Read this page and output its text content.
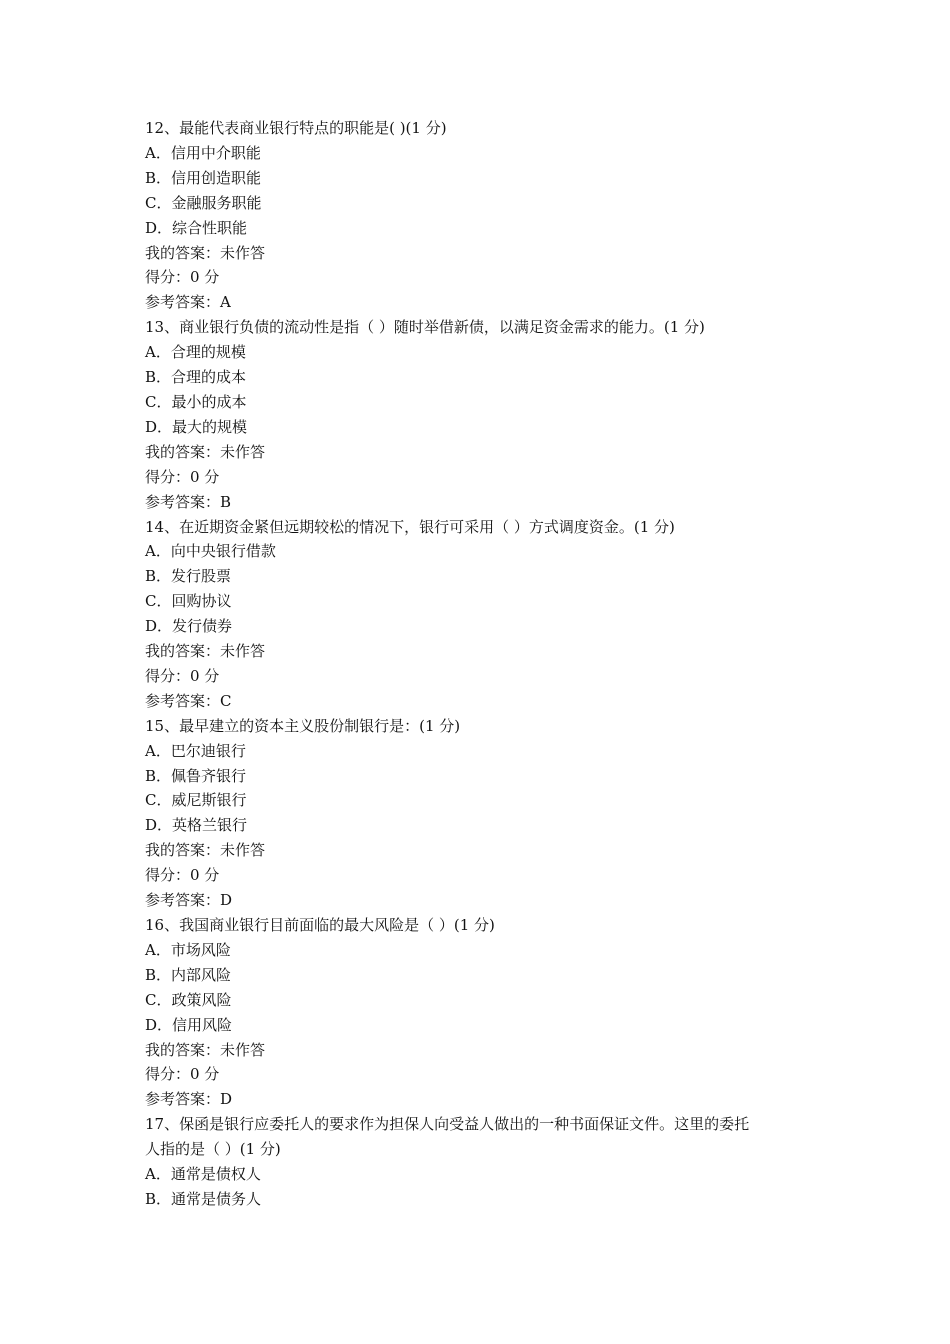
12、最能代表商业银行特点的职能是( )(1 分)

A．信用中介职能

B．信用创造职能

C．金融服务职能

D．综合性职能

我的答案：未作答

得分：0 分

参考答案：A

13、商业银行负债的流动性是指（ ）随时举借新债，以满足资金需求的能力。(1 分)

A．合理的规模

B．合理的成本

C．最小的成本

D．最大的规模

我的答案：未作答

得分：0 分

参考答案：B

14、在近期资金紧但远期较松的情况下，银行可采用（ ）方式调度资金。(1 分)

A．向中央银行借款

B．发行股票

C．回购协议

D．发行债券

我的答案：未作答

得分：0 分

参考答案：C

15、最早建立的资本主义股份制银行是：(1 分)

A．巴尔迪银行

B．佩鲁齐银行

C．威尼斯银行

D．英格兰银行

我的答案：未作答

得分：0 分

参考答案：D

16、我国商业银行目前面临的最大风险是（ ）(1 分)

A．市场风险

B．内部风险

C．政策风险

D．信用风险

我的答案：未作答

得分：0 分

参考答案：D

17、保函是银行应委托人的要求作为担保人向受益人做出的一种书面保证文件。这里的委托

人指的是（ ）(1 分)

A．通常是债权人

B．通常是债务人
